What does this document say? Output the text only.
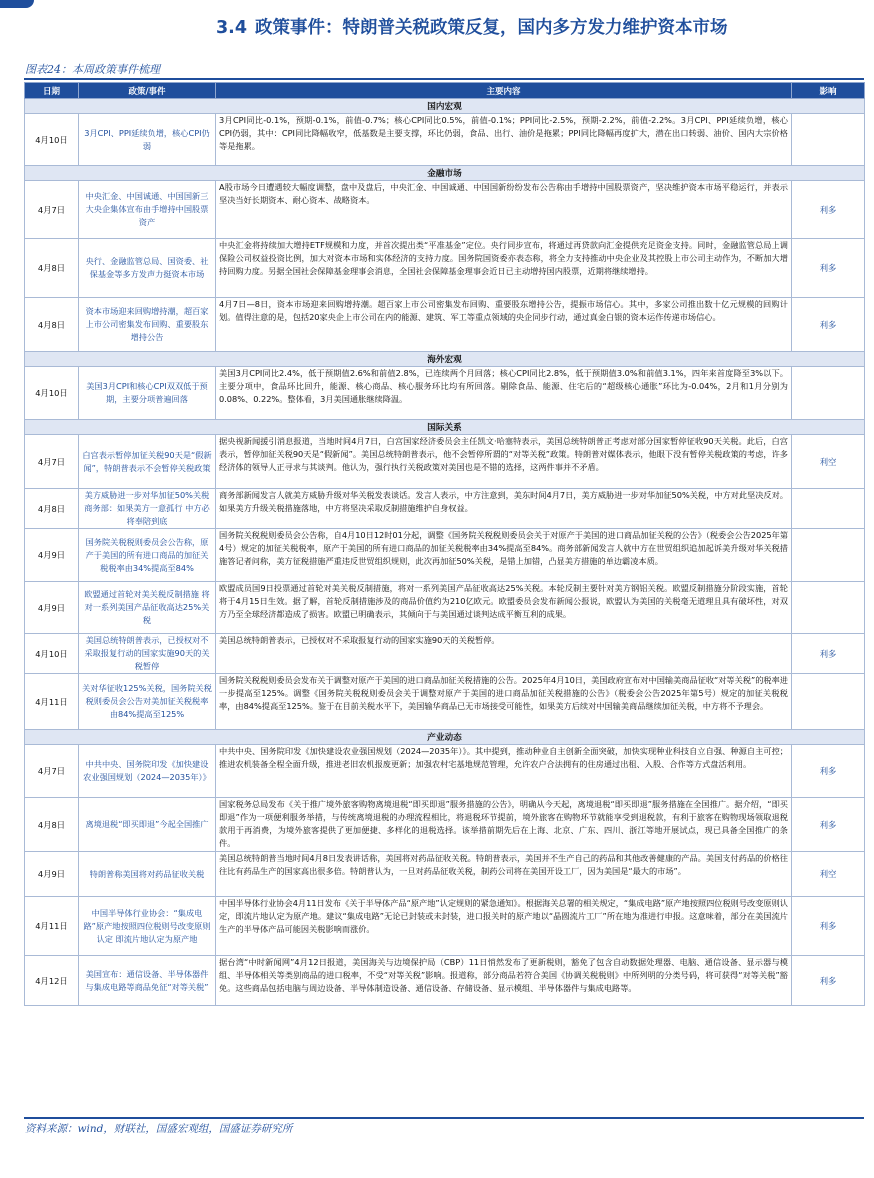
3.4 政策事件：特朗普关税政策反复，国内多方发力维护资本市场
图表24：本周政策事件梳理
日期	政策/事件	主要内容	影响
国内宏观			
4月10日	3月CPI、PPI延续负增，核心CPI仍弱	3月CPI同比-0.1%，预期-0.1%，前值-0.7%；核心CPI同比0.5%，前值-0.1%；PPI同比-2.5%，预期-2.2%，前值-2.2%。3月CPI、PPI延续负增，核心CPI仍弱，其中：CPI同比降幅收窄，低基数是主要支撑，环比仍弱，食品、出行、油价是拖累；PPI同比降幅再度扩大，潜在出口转弱、油价、国内大宗价格等是拖累。	
金融市场			
4月7日	中央汇金、中国诚通、中国国新三大央企集体宣布由手增持中国股票资产	A股市场今日遭遇较大幅度调整，盘中及盘后，中央汇金、中国诚通、中国国新纷纷发布公告称由手增持中国股票资产，坚决维护资本市场平稳运行，并表示坚决当好长期资本、耐心资本、战略资本。	利多
4月8日	央行、金融监管总局、国资委、社保基金等多方发声力挺资本市场	中央汇金将持续加大增持ETF规模和力度，并首次提出类“平准基金”定位。央行同步宣布，将通过再贷款向汇金提供充足资金支持。同时，金融监管总局上调保险公司权益投资比例，加大对资本市场和实体经济的支持力度。国务院国资委亦表态称，将全力支持推动中央企业及其控股上市公司主动作为，不断加大增持回购力度。另据全国社会保障基金理事会消息，全国社会保障基金理事会近日已主动增持国内股票，近期将继续增持。	利多
4月8日	资本市场迎来回购增持潮，超百家上市公司密集发布回购、重要股东增持公告	4月7日—8日，资本市场迎来回购增持潮。超百家上市公司密集发布回购、重要股东增持公告，提振市场信心。其中，多家公司推出数十亿元规模的回购计划。值得注意的是，包括20家央企上市公司在内的能源、建筑、军工等重点领域的央企同步行动，通过真金白银的资本运作传递市场信心。	利多
海外宏观			
4月10日	美国3月CPI和核心CPI双双低于预期，主要分项普遍回落	美国3月CPI同比2.4%，低于预期值2.6%和前值2.8%，已连续两个月回落；核心CPI同比2.8%，低于预期值3.0%和前值3.1%，四年来首度降至3%以下。主要分项中，食品环比回升，能源、核心商品、核心服务环比均有所回落。剔除食品、能源、住宅后的“超级核心通胀”环比为-0.04%，2月和1月分别为0.08%、0.22%。整体看，3月美国通胀继续降温。	
国际关系			
4月7日	白宫表示暂停加征关税90天是“假新闻”，特朗普表示不会暂停关税政策	据央视新闻援引消息报道，当地时间4月7日，白宫国家经济委员会主任凯文·哈塞特表示，美国总统特朗普正考虑对部分国家暂停征收90天关税。此后，白宫表示，暂停加征关税90天是“假新闻”。美国总统特朗普表示，他不会暂停所谓的“对等关税”政策。特朗普对媒体表示，他眼下没有暂停关税政策的考虑，许多经济体的领导人正寻求与其谈判。他认为，强行执行关税政策对美国也是不错的选择，这两件事并不矛盾。	利空
4月8日	美方威胁进一步对华加征50%关税 商务部：如果美方一意孤行 中方必将奉陪到底	商务部新闻发言人就美方威胁升级对华关税发表谈话。发言人表示，中方注意到，美东时间4月7日，美方威胁进一步对华加征50%关税，中方对此坚决反对。如果美方升级关税措施落地，中方将坚决采取反制措施维护自身权益。	
4月9日	国务院关税税则委员会公告称，原产于美国的所有进口商品的加征关税税率由34%提高至84%	国务院关税税则委员会公告称，自4月10日12时01分起，调整《国务院关税税则委员会关于对原产于美国的进口商品加征关税的公告》（税委会公告2025年第4号）规定的加征关税税率，原产于美国的所有进口商品的加征关税税率由34%提高至84%。商务部新闻发言人就中方在世贸组织追加起诉美升级对华关税措施答记者问称，美方征税措施严重违反世贸组织规则，此次再加征50%关税，是错上加错，凸显美方措施的单边霸凌本质。	
4月9日	欧盟通过首轮对美关税反制措施 将对一系列美国产品征收高达25%关税	欧盟成员国9日投票通过首轮对美关税反制措施，将对一系列美国产品征收高达25%关税。本轮反制主要针对美方钢铝关税。欧盟反制措施分阶段实施，首轮将于4月15日生效。据了解，首轮反制措施涉及的商品价值约为210亿欧元。欧盟委员会发布新闻公报说，欧盟认为美国的关税毫无道理且具有破坏性，对双方乃至全球经济都造成了损害。欧盟已明确表示，其倾向于与美国通过谈判达成平衡互利的成果。	
4月10日	美国总统特朗普表示，已授权对不采取报复行动的国家实施90天的关税暂停	美国总统特朗普表示，已授权对不采取报复行动的国家实施90天的关税暂停。	利多
4月11日	关对华征收125%关税，国务院关税税则委员会公告对美加征关税税率由84%提高至125%	国务院关税税则委员会发布关于调整对原产于美国的进口商品加征关税措施的公告。2025年4月10日，美国政府宣布对中国输美商品征收“对等关税”的税率进一步提高至125%。调整《国务院关税税则委员会关于调整对原产于美国的进口商品加征关税措施的公告》（税委会公告2025年第5号）规定的加征关税税率，由84%提高至125%。鉴于在目前关税水平下，美国输华商品已无市场接受可能性，如果美方后续对中国输美商品继续加征关税，中方将不予理会。	
产业动态			
4月7日	中共中央、国务院印发《加快建设农业强国规划（2024—2035年）》	中共中央、国务院印发《加快建设农业强国规划（2024—2035年）》。其中提到，推动种业自主创新全面突破，加快实现种业科技自立自强、种源自主可控；推进农机装备全程全面升级，推进老旧农机报废更新；加强农村宅基地规范管理，允许农户合法拥有的住房通过出租、入股、合作等方式盘活利用。	利多
4月8日	离境退税“即买即退”今起全国推广	国家税务总局发布《关于推广境外旅客购物离境退税“即买即退”服务措施的公告》，明确从今天起，离境退税“即买即退”服务措施在全国推广。据介绍，“即买即退”作为一项便利服务举措，与传统离境退税的办理流程相比，将退税环节提前，境外旅客在购物环节就能享受到退税款，有利于旅客在购物现场领取退税款用于再消费，为境外旅客提供了更加便捷、多样化的退税选择。该举措前期先后在上海、北京、广东、四川、浙江等地开展试点，现已具备全国推广的条件。	利多
4月9日	特朗普称美国将对药品征收关税	美国总统特朗普当地时间4月8日发表讲话称，美国将对药品征收关税。特朗普表示，美国并不生产自己的药品和其他改善健康的产品。美国支付药品的价格往往比有药品生产的国家高出很多倍。特朗普认为，一旦对药品征收关税，制药公司将在美国开设工厂，因为美国是“最大的市场”。	利空
4月11日	中国半导体行业协会：“集成电路”原产地按照四位税则号改变原则认定 即流片地认定为原产地	中国半导体行业协会4月11日发布《关于半导体产品“原产地”认定规则的紧急通知》。根据海关总署的相关规定，“集成电路”原产地按照四位税则号改变原则认定，即流片地认定为原产地。建议“集成电路”无论已封装或未封装，进口报关时的原产地以“晶圆流片工厂”所在地为准进行申报。这意味着，部分在美国流片生产的半导体产品可能因关税影响而涨价。	利多
4月12日	美国宣布：通信设备、半导体器件与集成电路等商品免征“对等关税”	据台湾“中时新闻网”4月12日报道，美国海关与边境保护局（CBP）11日悄然发布了更新税则，豁免了包含自动数据处理器、电脑、通信设备、显示器与模组、半导体相关等类别商品的进口税率，不受“对等关税”影响。报道称，部分商品若符合美国《协调关税税则》中所列明的分类号码，将可获得“对等关税”豁免。这些商品包括电脑与周边设备、半导体制造设备、通信设备、存储设备、显示模组、半导体器件与集成电路等。	利多
资料来源：wind，财联社，国盛宏观组，国盛证券研究所
